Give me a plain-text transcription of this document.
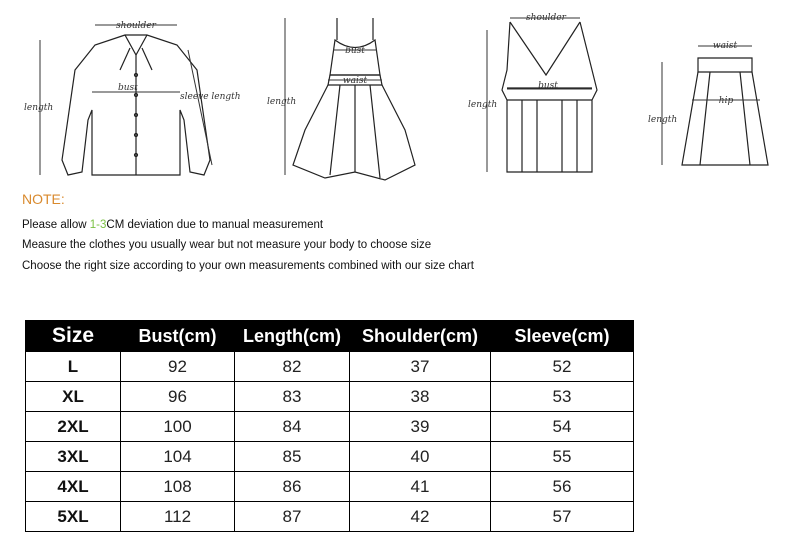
shoulder
length
bust
sleeve length	length
bust
waist
shoulder
length
bust
waist
length
hip
NOTE:
Please allow 1-3CM deviation due to manual measurement
Measure the clothes you usually wear but not measure your body to choose size
Choose the right size according to your own measurements combined with our size chart
Size	Bust(cm)	Length(cm)	Shoulder(cm)	Sleeve(cm)
L	92	82	37	52
XL	96	83	38	53
2XL	100	84	39	54
3XL	104	85	40	55
4XL	108	86	41	56
5XL	112	87	42	57
